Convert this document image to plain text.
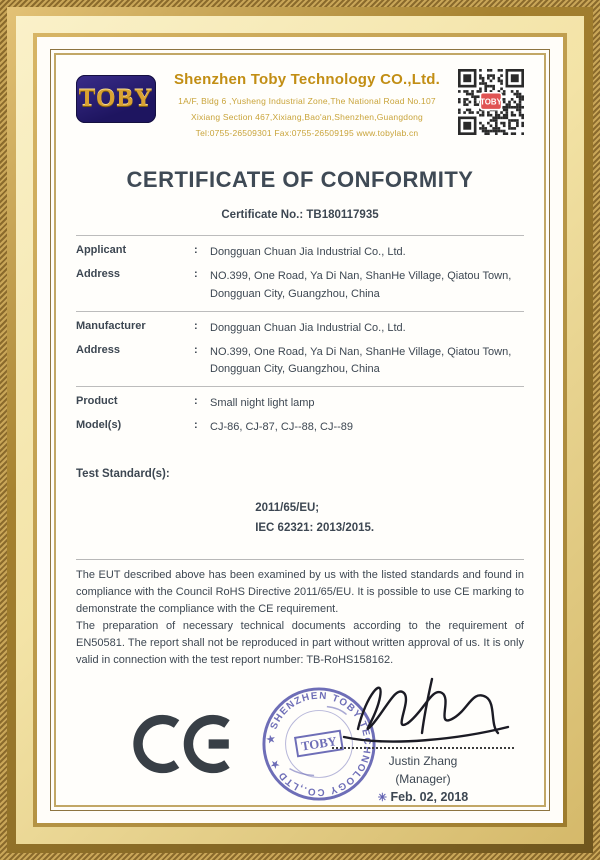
TOBY
Shenzhen Toby Technology CO.,Ltd.
1A/F, Bldg 6 ,Yusheng Industrial Zone,The National Road No.107
Xixiang Section 467,Xixiang,Bao'an,Shenzhen,Guangdong
Tel:0755-26509301 Fax:0755-26509195 www.tobylab.cn
TOBY
CERTIFICATE OF CONFORMITY
Certificate No.: TB180117935
Applicant	:	Dongguan Chuan Jia Industrial Co., Ltd.
Address	:	NO.399, One Road, Ya Di Nan, ShanHe Village, Qiatou Town, Dongguan City, Guangzhou, China
Manufacturer	:	Dongguan Chuan Jia Industrial Co., Ltd.
Address	:	NO.399, One Road, Ya Di Nan, ShanHe Village, Qiatou Town, Dongguan City, Guangzhou, China
Product	:	Small night light lamp
Model(s)	:	CJ-86, CJ-87, CJ--88, CJ--89
Test Standard(s):
2011/65/EU;
IEC 62321: 2013/2015.

The EUT described above has been examined by us with the listed standards and found in compliance with the Council RoHS Directive 2011/65/EU. It is possible to use CE marking to demonstrate the compliance with the CE requirement.

The preparation of necessary technical documents according to the requirement of EN50581. The report shall not be reproduced in part without written approval of us. It is only valid in connection with the test report number: TB-RoHS158162.

★ SHENZHEN TOBY TECHNOLOGY CO.,LTD ★
TOBY
Justin Zhang
(Manager)
✳ Feb. 02, 2018
